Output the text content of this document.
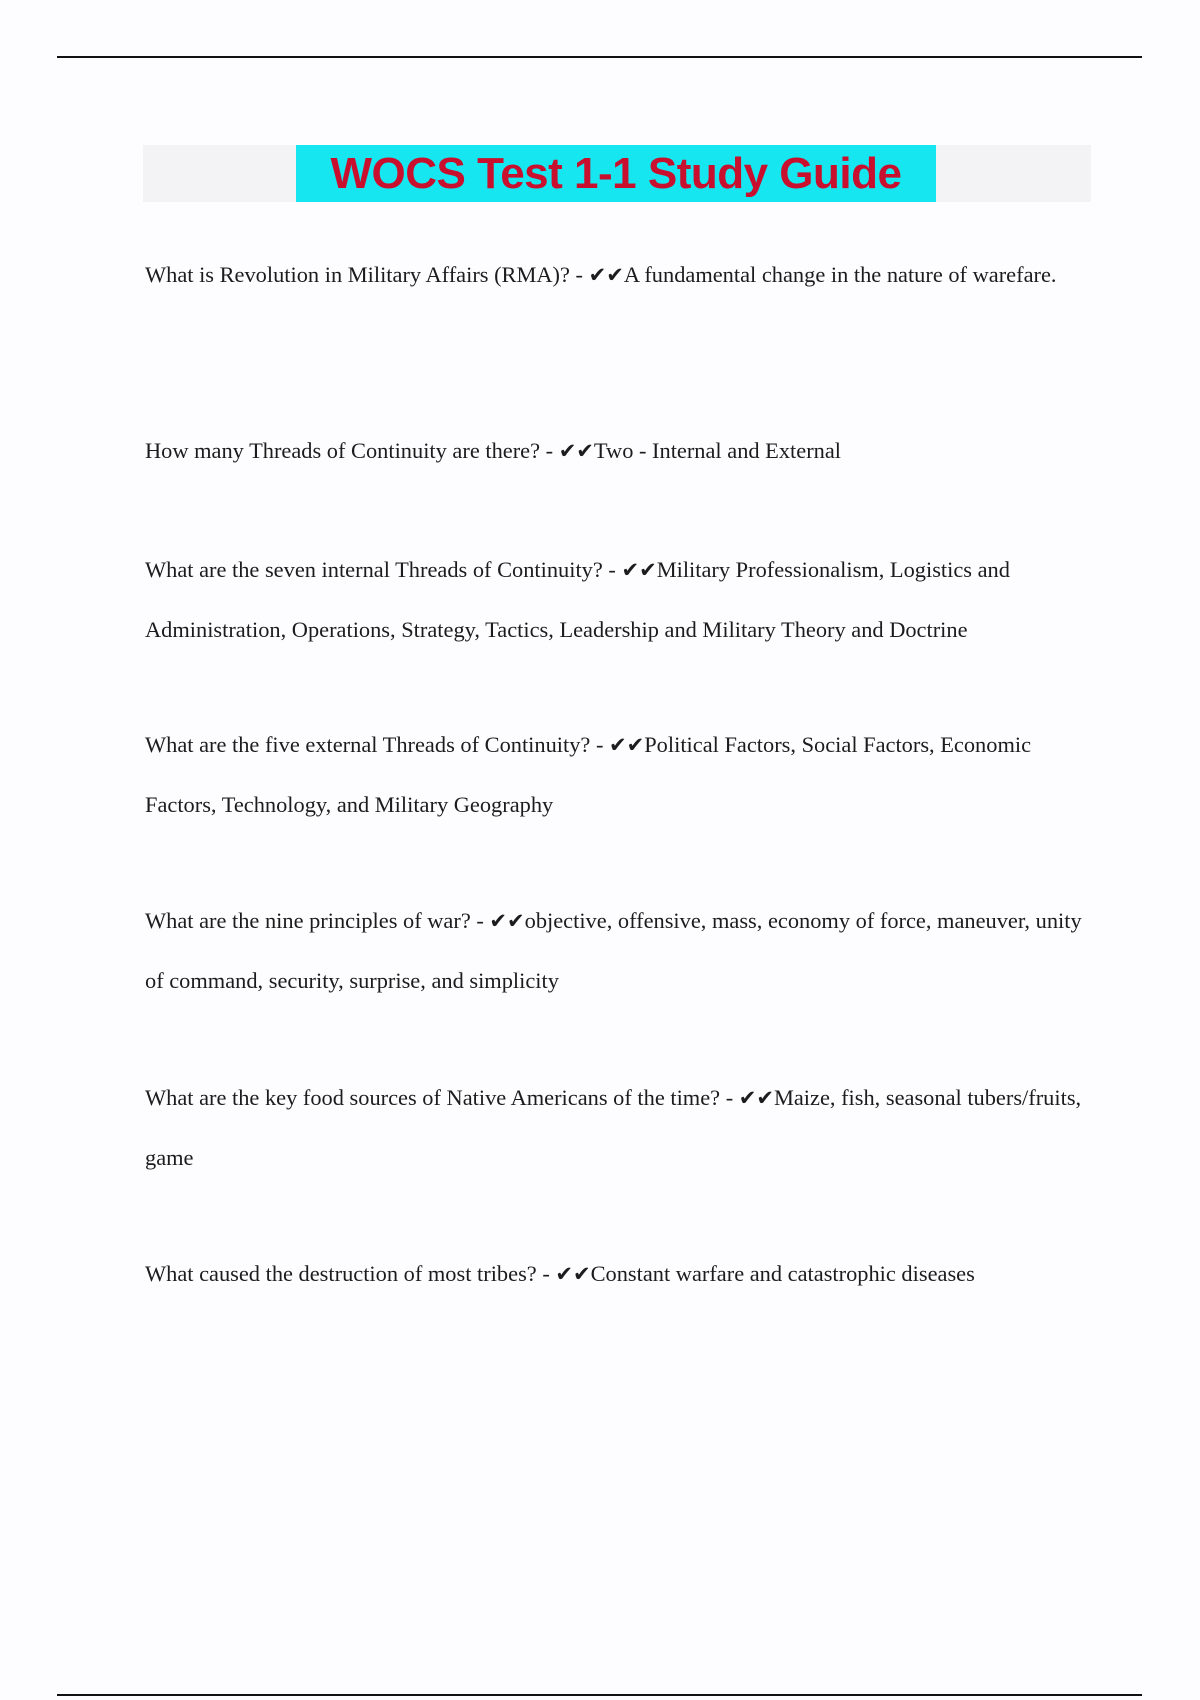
WOCS Test 1-1 Study Guide

What is Revolution in Military Affairs (RMA)? - ✔✔A fundamental change in the nature of warefare.

How many Threads of Continuity are there? - ✔✔Two - Internal and External

What are the seven internal Threads of Continuity? - ✔✔Military Professionalism, Logistics and Administration, Operations, Strategy, Tactics, Leadership and Military Theory and Doctrine

What are the five external Threads of Continuity? - ✔✔Political Factors, Social Factors, Economic Factors, Technology, and Military Geography

What are the nine principles of war? - ✔✔objective, offensive, mass, economy of force, maneuver, unity of command, security, surprise, and simplicity

What are the key food sources of Native Americans of the time? - ✔✔Maize, fish, seasonal tubers/fruits, game

What caused the destruction of most tribes? - ✔✔Constant warfare and catastrophic diseases
